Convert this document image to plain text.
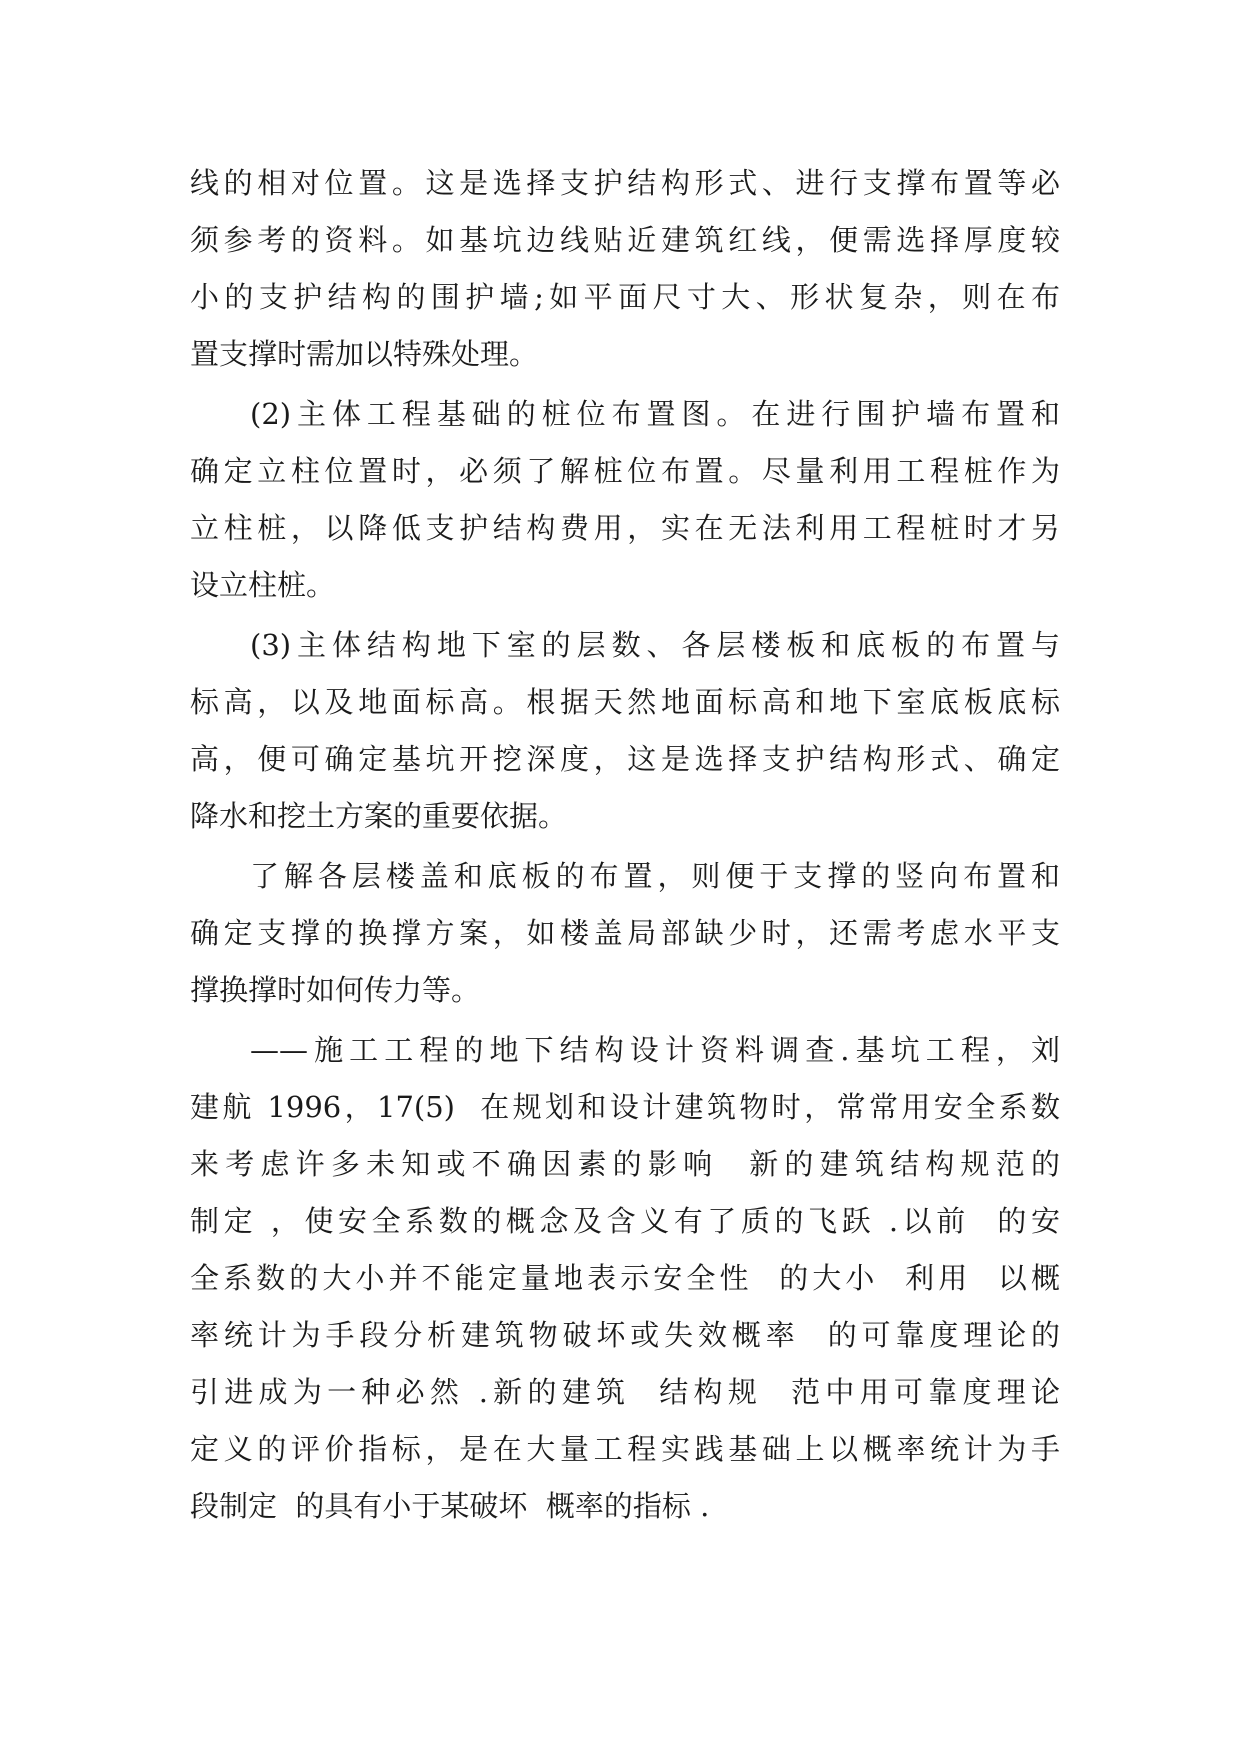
线的相对位置。这是选择支护结构形式、进行支撑布置等必

须参考的资料。如基坑边线贴近建筑红线，便需选择厚度较

小的支护结构的围护墙;如平面尺寸大、形状复杂，则在布

置支撑时需加以特殊处理。

(2)主体工程基础的桩位布置图。在进行围护墙布置和

确定立柱位置时，必须了解桩位布置。尽量利用工程桩作为

立柱桩，以降低支护结构费用，实在无法利用工程桩时才另

设立柱桩。

(3)主体结构地下室的层数、各层楼板和底板的布置与

标高，以及地面标高。根据天然地面标高和地下室底板底标

高，便可确定基坑开挖深度，这是选择支护结构形式、确定

降水和挖土方案的重要依据。

了解各层楼盖和底板的布置，则便于支撑的竖向布置和

确定支撑的换撑方案，如楼盖局部缺少时，还需考虑水平支

撑换撑时如何传力等。

——施工工程的地下结构设计资料调查.基坑工程，刘

建航 1996，17(5)  在规划和设计建筑物时，常常用安全系数

来考虑许多未知或不确因素的影响  新的建筑结构规范的

制定 ，使安全系数的概念及含义有了质的飞跃 .以前  的安

全系数的大小并不能定量地表示安全性  的大小  利用  以概

率统计为手段分析建筑物破坏或失效概率  的可靠度理论的

引进成为一种必然 .新的建筑  结构规  范中用可靠度理论

定义的评价指标，是在大量工程实践基础上以概率统计为手

段制定  的具有小于某破坏  概率的指标 .
